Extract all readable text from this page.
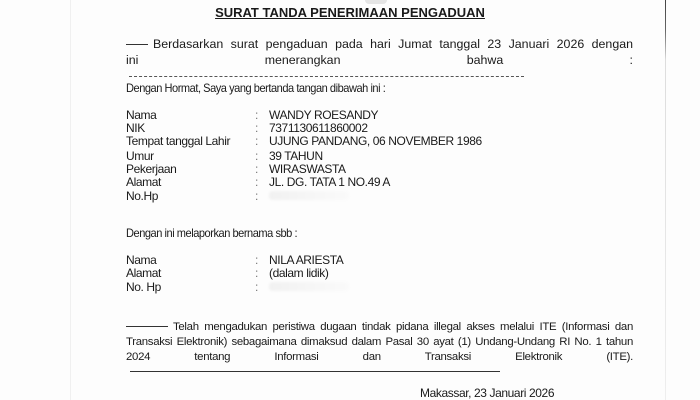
SURAT TANDA PENERIMAAN PENGADUAN
Berdasarkan surat pengaduan pada hari Jumat tanggal 23 Januari 2026 dengan ini menerangkan bahwa :
Dengan Hormat, Saya yang bertanda tangan dibawah ini :
Nama	: WANDY ROESANDY
NIK	: 7371130611860002
Tempat tanggal Lahir : UJUNG PANDANG, 06 NOVEMBER 1986
Umur	: 39 TAHUN
Pekerjaan	: WIRASWASTA
Alamat	: JL. DG. TATA 1 NO.49 A
No.Hp	:
Dengan ini melaporkan bernama sbb :
Nama	: NILA ARIESTA
Alamat	: (dalam lidik)
No. Hp	:
Telah mengadukan peristiwa dugaan tindak pidana illegal akses melalui ITE (Informasi dan Transaksi Elektronik) sebagaimana dimaksud dalam Pasal 30 ayat (1) Undang-Undang RI No. 1 tahun 2024 tentang Informasi dan Transaksi Elektronik (ITE).
Makassar, 23 Januari 2026
